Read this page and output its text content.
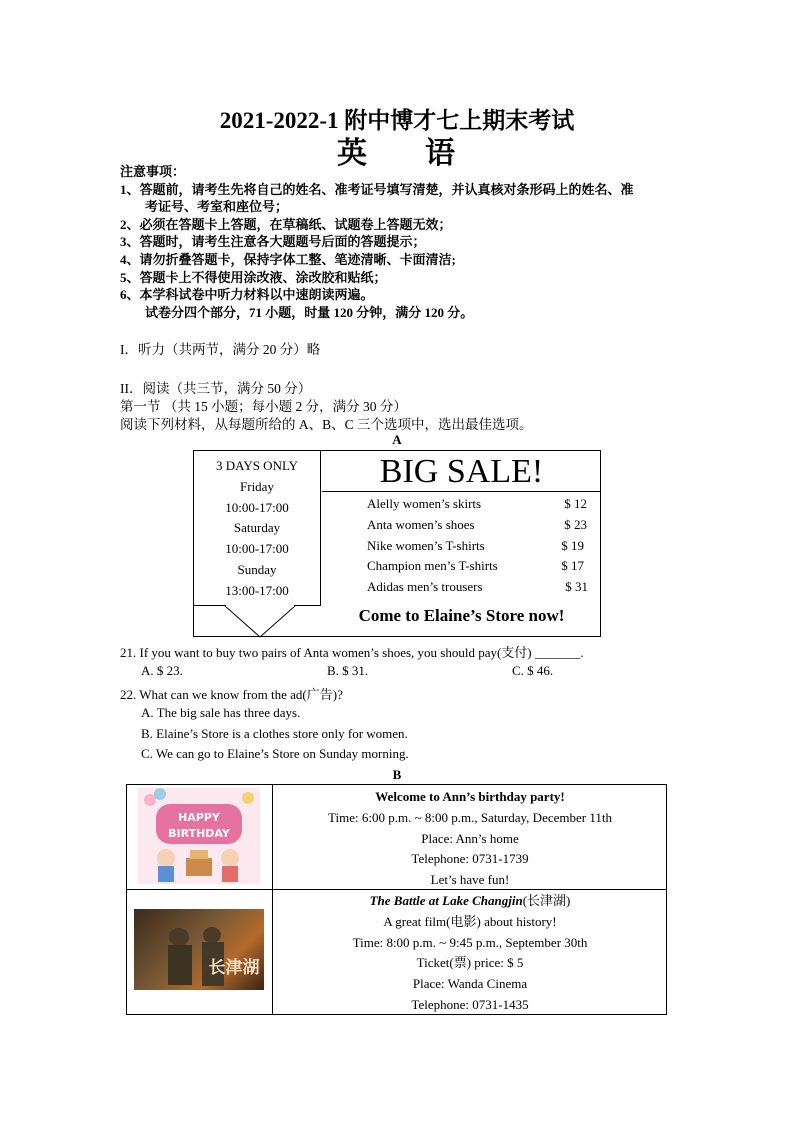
2021-2022-1 附中博才七上期末考试
英 语
注意事项：
1、答题前，请考生先将自己的姓名、准考证号填写清楚，并认真核对条形码上的姓名、准
考证号、考室和座位号；
2、必须在答题卡上答题，在草稿纸、试题卷上答题无效；
3、答题时，请考生注意各大题题号后面的答题提示；
4、请勿折叠答题卡，保持字体工整、笔迹清晰、卡面清洁;
5、答题卡上不得使用涂改液、涂改胶和贴纸；
6、本学科试卷中听力材料以中速朗读两遍。
试卷分四个部分，71 小题，时量 120 分钟，满分 120 分。
I．听力（共两节，满分 20 分）略
II．阅读（共三节，满分 50 分）
第一节 （共 15 小题；每小题 2 分，满分 30 分）
阅读下列材料，从每题所给的 A、B、C 三个选项中，选出最佳选项。
A
3 DAYS ONLY
Friday
10:00-17:00
Saturday
10:00-17:00
Sunday
13:00-17:00
BIG SALE!
Alelly women’s skirts	$ 12
Anta women’s shoes	$ 23
Nike women’s T-shirts	$ 19
Champion men’s T-shirts	$ 17
Adidas men’s trousers	$ 31
Come to Elaine’s Store now!
21. If you want to buy two pairs of Anta women’s shoes, you should pay(支付) _______.
A. $ 23.	B. $ 31.	C. $ 46.
22. What can we know from the ad(广告)?
A. The big sale has three days.
B. Elaine’s Store is a clothes store only for women.
C. We can go to Elaine’s Store on Sunday morning.
B
HAPPY
BIRTHDAY
Welcome to Ann’s birthday party!
Time: 6:00 p.m. ~ 8:00 p.m., Saturday, December 11th
Place: Ann’s home
Telephone: 0731-1739
Let’s have fun!
长津湖
The Battle at Lake Changjin(长津湖)
A great film(电影) about history!
Time: 8:00 p.m. ~ 9:45 p.m., September 30th
Ticket(票) price: $ 5
Place: Wanda Cinema
Telephone: 0731-1435
